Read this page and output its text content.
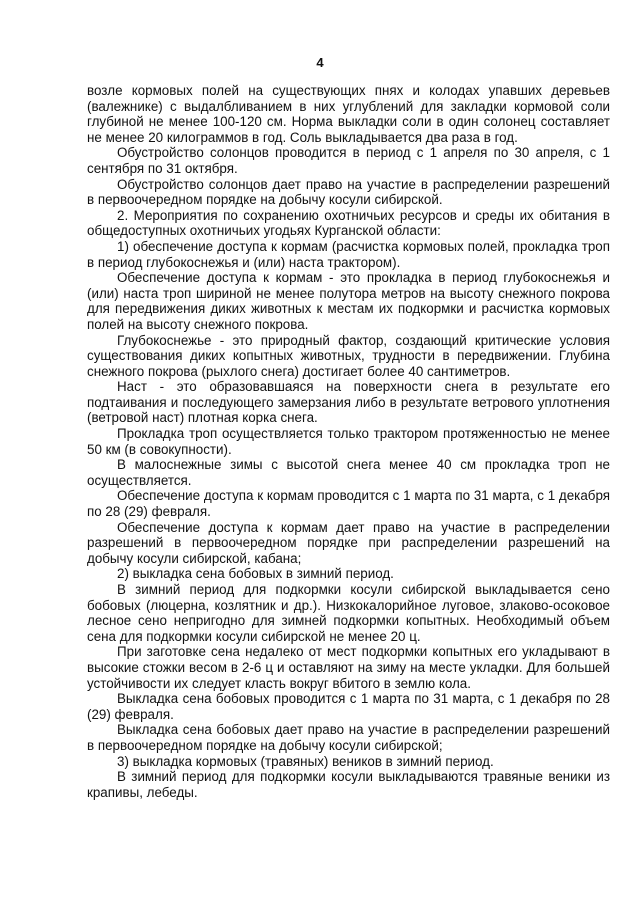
4

возле кормовых полей на существующих пнях и колодах упавших деревьев (валежнике) с выдалбливанием в них углублений для закладки кормовой соли глубиной не менее 100-120 см. Норма выкладки соли в один солонец составляет не менее 20 килограммов в год. Соль выкладывается два раза в год.

Обустройство солонцов проводится в период с 1 апреля по 30 апреля, с 1 сентября по 31 октября.

Обустройство солонцов дает право на участие в распределении разрешений в первоочередном порядке на добычу косули сибирской.

2. Мероприятия по сохранению охотничьих ресурсов и среды их обитания в общедоступных охотничьих угодьях Курганской области:

1) обеспечение доступа к кормам (расчистка кормовых полей, прокладка троп в период глубокоснежья и (или) наста трактором).

Обеспечение доступа к кормам - это прокладка в период глубокоснежья и (или) наста троп шириной не менее полутора метров на высоту снежного покрова для передвижения диких животных к местам их подкормки и расчистка кормовых полей на высоту снежного покрова.

Глубокоснежье - это природный фактор, создающий критические условия существования диких копытных животных, трудности в передвижении. Глубина снежного покрова (рыхлого снега) достигает более 40 сантиметров.

Наст - это образовавшаяся на поверхности снега в результате его подтаивания и последующего замерзания либо в результате ветрового уплотнения (ветровой наст) плотная корка снега.

Прокладка троп осуществляется только трактором протяженностью не менее 50 км (в совокупности).

В малоснежные зимы с высотой снега менее 40 см прокладка троп не осуществляется.

Обеспечение доступа к кормам проводится с 1 марта по 31 марта, с 1 декабря по 28 (29) февраля.

Обеспечение доступа к кормам дает право на участие в распределении разрешений в первоочередном порядке при распределении разрешений на добычу косули сибирской, кабана;

2) выкладка сена бобовых в зимний период.

В зимний период для подкормки косули сибирской выкладывается сено бобовых (люцерна, козлятник и др.). Низкокалорийное луговое, злаково-осоковое лесное сено непригодно для зимней подкормки копытных. Необходимый объем сена для подкормки косули сибирской не менее 20 ц.

При заготовке сена недалеко от мест подкормки копытных его укладывают в высокие стожки весом в 2-6 ц и оставляют на зиму на месте укладки. Для большей устойчивости их следует класть вокруг вбитого в землю кола.

Выкладка сена бобовых проводится с 1 марта по 31 марта, с 1 декабря по 28 (29) февраля.

Выкладка сена бобовых дает право на участие в распределении разрешений в первоочередном порядке на добычу косули сибирской;

3) выкладка кормовых (травяных) веников в зимний период.

В зимний период для подкормки косули выкладываются травяные веники из крапивы, лебеды.
